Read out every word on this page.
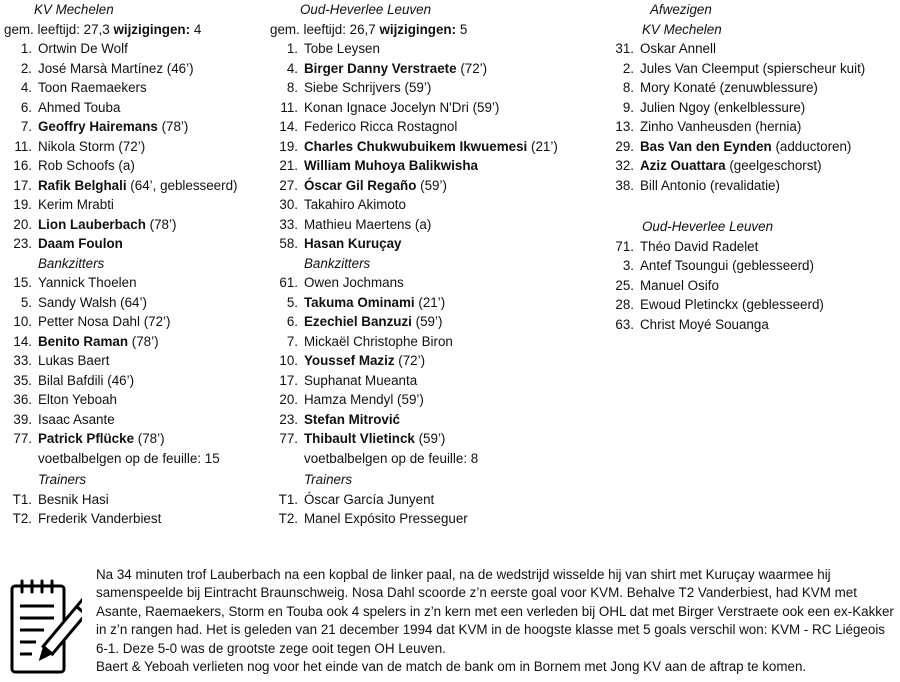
KV Mechelen
gem. leeftijd: 27,3 wijzigingen: 4
1. Ortwin De Wolf
2. José Marsà Martínez (46’)
4. Toon Raemaekers
6. Ahmed Touba
7. Geoffry Hairemans (78’)
11. Nikola Storm (72’)
16. Rob Schoofs (a)
17. Rafik Belghali (64’, geblesseerd)
19. Kerim Mrabti
20. Lion Lauberbach (78’)
23. Daam Foulon
Bankzitters
15. Yannick Thoelen
5. Sandy Walsh (64’)
10. Petter Nosa Dahl (72’)
14. Benito Raman (78’)
33. Lukas Baert
35. Bilal Bafdili (46’)
36. Elton Yeboah
39. Isaac Asante
77. Patrick Pflücke (78’)
voetbalbelgen op de feuille: 15
Trainers
T1. Besnik Hasi
T2. Frederik Vanderbiest
Oud-Heverlee Leuven
gem. leeftijd: 26,7 wijzigingen: 5
1. Tobe Leysen
4. Birger Danny Verstraete (72’)
8. Siebe Schrijvers (59’)
11. Konan Ignace Jocelyn N'Dri (59’)
14. Federico Ricca Rostagnol
19. Charles Chukwubuikem Ikwuemesi (21’)
21. William Muhoya Balikwisha
27. Óscar Gil Regaño (59’)
30. Takahiro Akimoto
33. Mathieu Maertens (a)
58. Hasan Kuruçay
Bankzitters
61. Owen Jochmans
5. Takuma Ominami (21’)
6. Ezechiel Banzuzi (59’)
7. Mickaël Christophe Biron
10. Youssef Maziz (72’)
17. Suphanat Mueanta
20. Hamza Mendyl (59’)
23. Stefan Mitrović
77. Thibault Vlietinck (59’)
voetbalbelgen op de feuille: 8
Trainers
T1. Óscar García Junyent
T2. Manel Expósito Presseguer
Afwezigen
KV Mechelen
31. Oskar Annell
2. Jules Van Cleemput (spierscheur kuit)
8. Mory Konaté (zenuwblessure)
9. Julien Ngoy (enkelblessure)
13. Zinho Vanheusden (hernia)
29. Bas Van den Eynden (adductoren)
32. Aziz Ouattara (geelgeschorst)
38. Bill Antonio (revalidatie)
Oud-Heverlee Leuven
71. Théo David Radelet
3. Antef Tsoungui (geblesseerd)
25. Manuel Osifo
28. Ewoud Pletinckx (geblesseerd)
63. Christ Moyé Souanga

Na 34 minuten trof Lauberbach na een kopbal de linker paal, na de wedstrijd wisselde hij van shirt met Kuruçay waarmee hij samenspeelde bij Eintracht Braunschweig. Nosa Dahl scoorde z’n eerste goal voor KVM. Behalve T2 Vanderbiest, had KVM met Asante, Raemaekers, Storm en Touba ook 4 spelers in z’n kern met een verleden bij OHL dat met Birger Verstraete ook een ex-Kakker in z’n rangen had. Het is geleden van 21 december 1994 dat KVM in de hoogste klasse met 5 goals verschil won: KVM - RC Liégeois 6-1. Deze 5-0 was de grootste zege ooit tegen OH Leuven.

Baert & Yeboah verlieten nog voor het einde van de match de bank om in Bornem met Jong KV aan de aftrap te komen.
